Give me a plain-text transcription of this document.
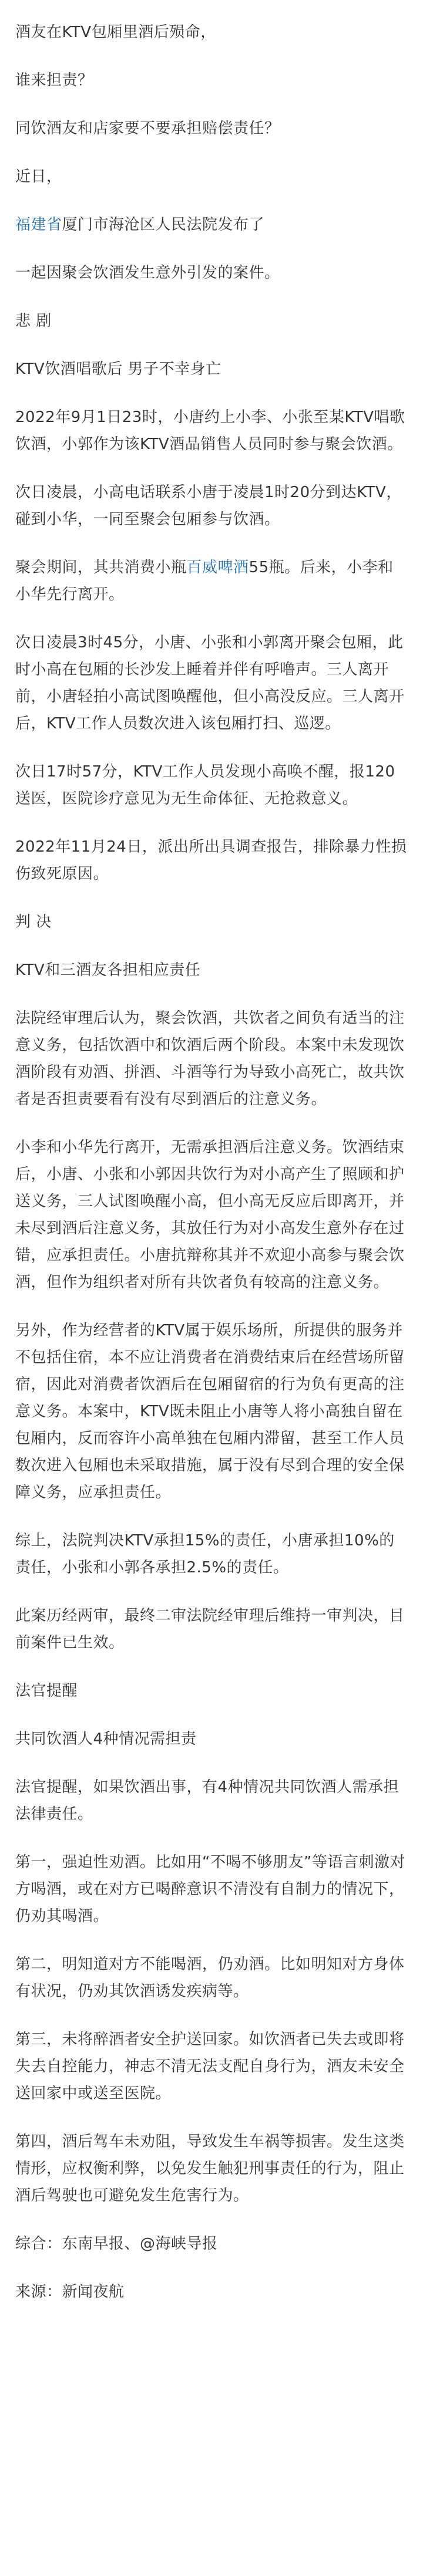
酒友在KTV包厢里酒后殒命，

谁来担责？

同饮酒友和店家要不要承担赔偿责任？

近日，

福建省厦门市海沧区人民法院发布了

一起因聚会饮酒发生意外引发的案件。

悲 剧

KTV饮酒唱歌后 男子不幸身亡

2022年9月1日23时，小唐约上小李、小张至某KTV唱歌饮酒，小郭作为该KTV酒品销售人员同时参与聚会饮酒。

次日凌晨，小高电话联系小唐于凌晨1时20分到达KTV，碰到小华，一同至聚会包厢参与饮酒。

聚会期间，其共消费小瓶百威啤酒55瓶。后来，小李和小华先行离开。

次日凌晨3时45分，小唐、小张和小郭离开聚会包厢，此时小高在包厢的长沙发上睡着并伴有呼噜声。三人离开前，小唐轻拍小高试图唤醒他，但小高没反应。三人离开后，KTV工作人员数次进入该包厢打扫、巡逻。

次日17时57分，KTV工作人员发现小高唤不醒，报120送医，医院诊疗意见为无生命体征、无抢救意义。

2022年11月24日，派出所出具调查报告，排除暴力性损伤致死原因。

判 决

KTV和三酒友各担相应责任

法院经审理后认为，聚会饮酒，共饮者之间负有适当的注意义务，包括饮酒中和饮酒后两个阶段。本案中未发现饮酒阶段有劝酒、拼酒、斗酒等行为导致小高死亡，故共饮者是否担责要看有没有尽到酒后的注意义务。

小李和小华先行离开，无需承担酒后注意义务。饮酒结束后，小唐、小张和小郭因共饮行为对小高产生了照顾和护送义务，三人试图唤醒小高，但小高无反应后即离开，并未尽到酒后注意义务，其放任行为对小高发生意外存在过错，应承担责任。小唐抗辩称其并不欢迎小高参与聚会饮酒，但作为组织者对所有共饮者负有较高的注意义务。

另外，作为经营者的KTV属于娱乐场所，所提供的服务并不包括住宿，本不应让消费者在消费结束后在经营场所留宿，因此对消费者饮酒后在包厢留宿的行为负有更高的注意义务。本案中，KTV既未阻止小唐等人将小高独自留在包厢内，反而容许小高单独在包厢内滞留，甚至工作人员数次进入包厢也未采取措施，属于没有尽到合理的安全保障义务，应承担责任。

综上，法院判决KTV承担15%的责任，小唐承担10%的责任，小张和小郭各承担2.5%的责任。

此案历经两审，最终二审法院经审理后维持一审判决，目前案件已生效。

法官提醒

共同饮酒人4种情况需担责

法官提醒，如果饮酒出事，有4种情况共同饮酒人需承担法律责任。

第一，强迫性劝酒。比如用“不喝不够朋友”等语言刺激对方喝酒，或在对方已喝醉意识不清没有自制力的情况下，仍劝其喝酒。

第二，明知道对方不能喝酒，仍劝酒。比如明知对方身体有状况，仍劝其饮酒诱发疾病等。

第三，未将醉酒者安全护送回家。如饮酒者已失去或即将失去自控能力，神志不清无法支配自身行为，酒友未安全送回家中或送至医院。

第四，酒后驾车未劝阻，导致发生车祸等损害。发生这类情形，应权衡利弊，以免发生触犯刑事责任的行为，阻止酒后驾驶也可避免发生危害行为。

综合：东南早报、@海峡导报

来源：新闻夜航
